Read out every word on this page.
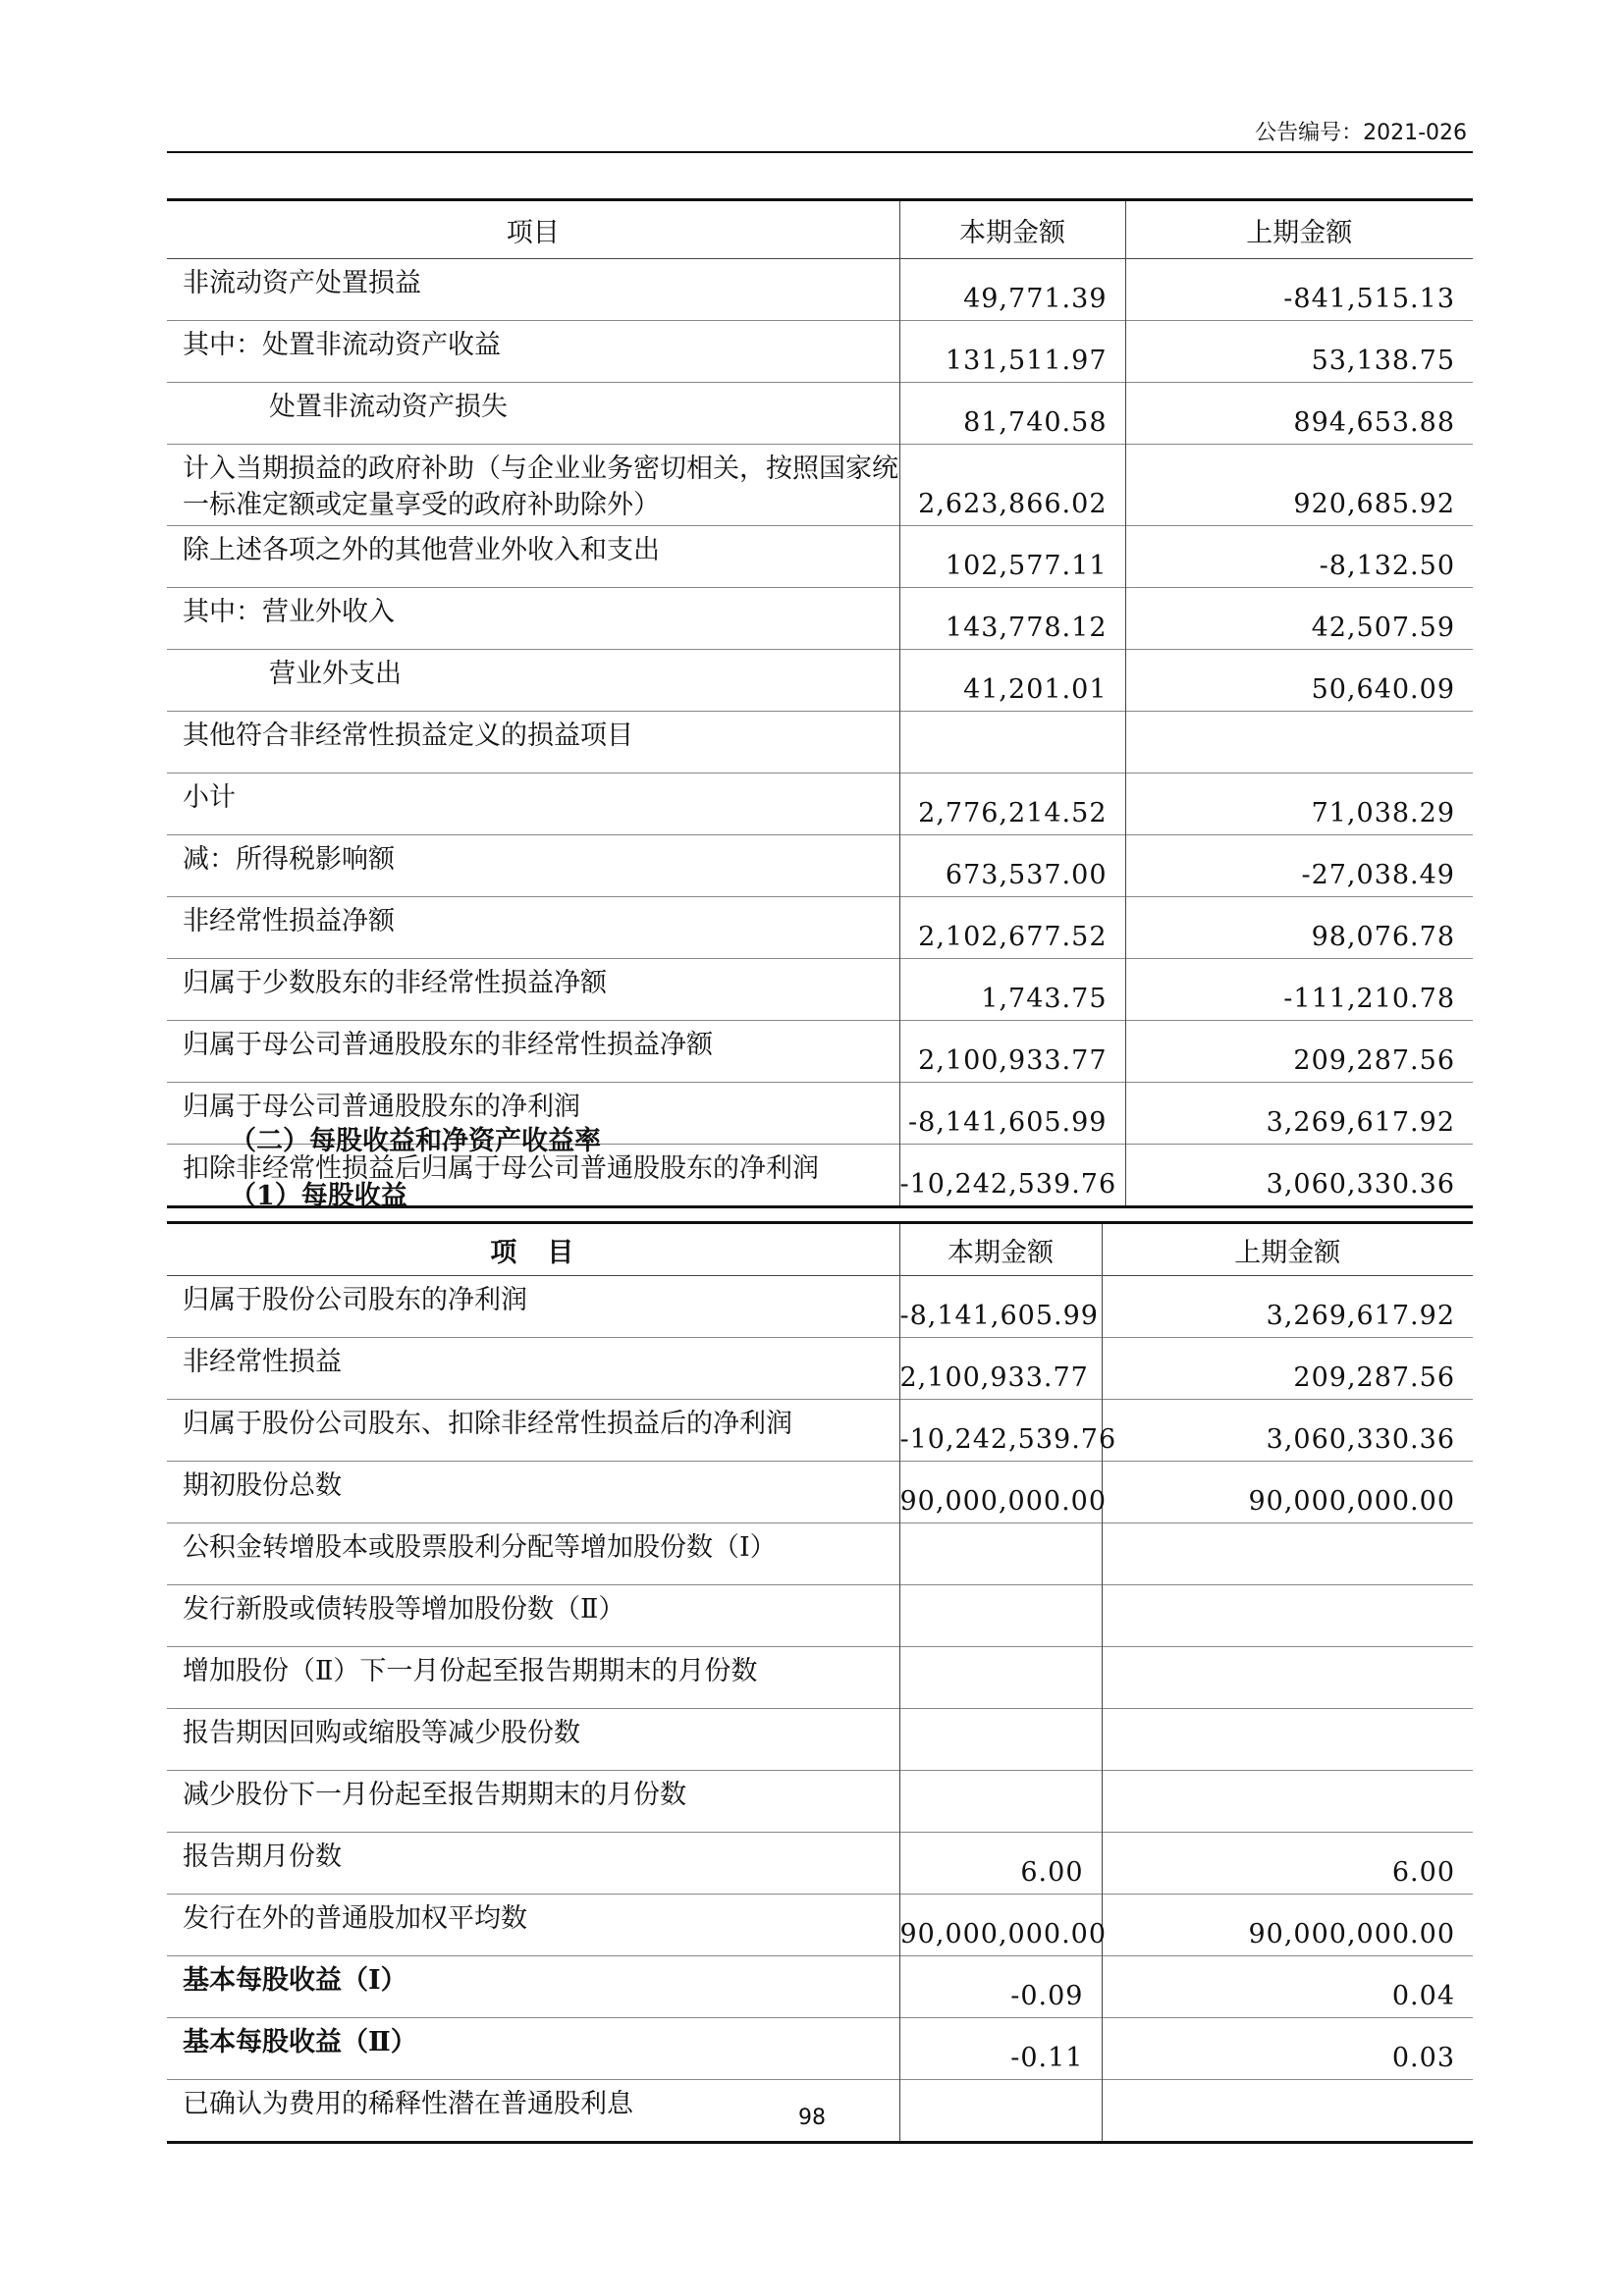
公告编号：2021-026
项目	本期金额	上期金额
非流动资产处置损益	49,771.39	-841,515.13
其中：处置非流动资产收益	131,511.97	53,138.75
处置非流动资产损失	81,740.58	894,653.88
计入当期损益的政府补助（与企业业务密切相关，按照国家统一标准定额或定量享受的政府补助除外）	2,623,866.02	920,685.92
除上述各项之外的其他营业外收入和支出	102,577.11	-8,132.50
其中：营业外收入	143,778.12	42,507.59
营业外支出	41,201.01	50,640.09
其他符合非经常性损益定义的损益项目		
小计	2,776,214.52	71,038.29
减：所得税影响额	673,537.00	-27,038.49
非经常性损益净额	2,102,677.52	98,076.78
归属于少数股东的非经常性损益净额	1,743.75	-111,210.78
归属于母公司普通股股东的非经常性损益净额	2,100,933.77	209,287.56
归属于母公司普通股股东的净利润	-8,141,605.99	3,269,617.92
扣除非经常性损益后归属于母公司普通股股东的净利润	-10,242,539.76	3,060,330.36
（二）每股收益和净资产收益率
（1）每股收益
项　目	本期金额	上期金额
归属于股份公司股东的净利润	-8,141,605.99	3,269,617.92
非经常性损益	2,100,933.77	209,287.56
归属于股份公司股东、扣除非经常性损益后的净利润	-10,242,539.76	3,060,330.36
期初股份总数	90,000,000.00	90,000,000.00
公积金转增股本或股票股利分配等增加股份数（Ⅰ）		
发行新股或债转股等增加股份数（Ⅱ）		
增加股份（Ⅱ）下一月份起至报告期期末的月份数		
报告期因回购或缩股等减少股份数		
减少股份下一月份起至报告期期末的月份数		
报告期月份数	6.00	6.00
发行在外的普通股加权平均数	90,000,000.00	90,000,000.00
基本每股收益（Ⅰ）	-0.09	0.04
基本每股收益（Ⅱ）	-0.11	0.03
已确认为费用的稀释性潜在普通股利息			98
